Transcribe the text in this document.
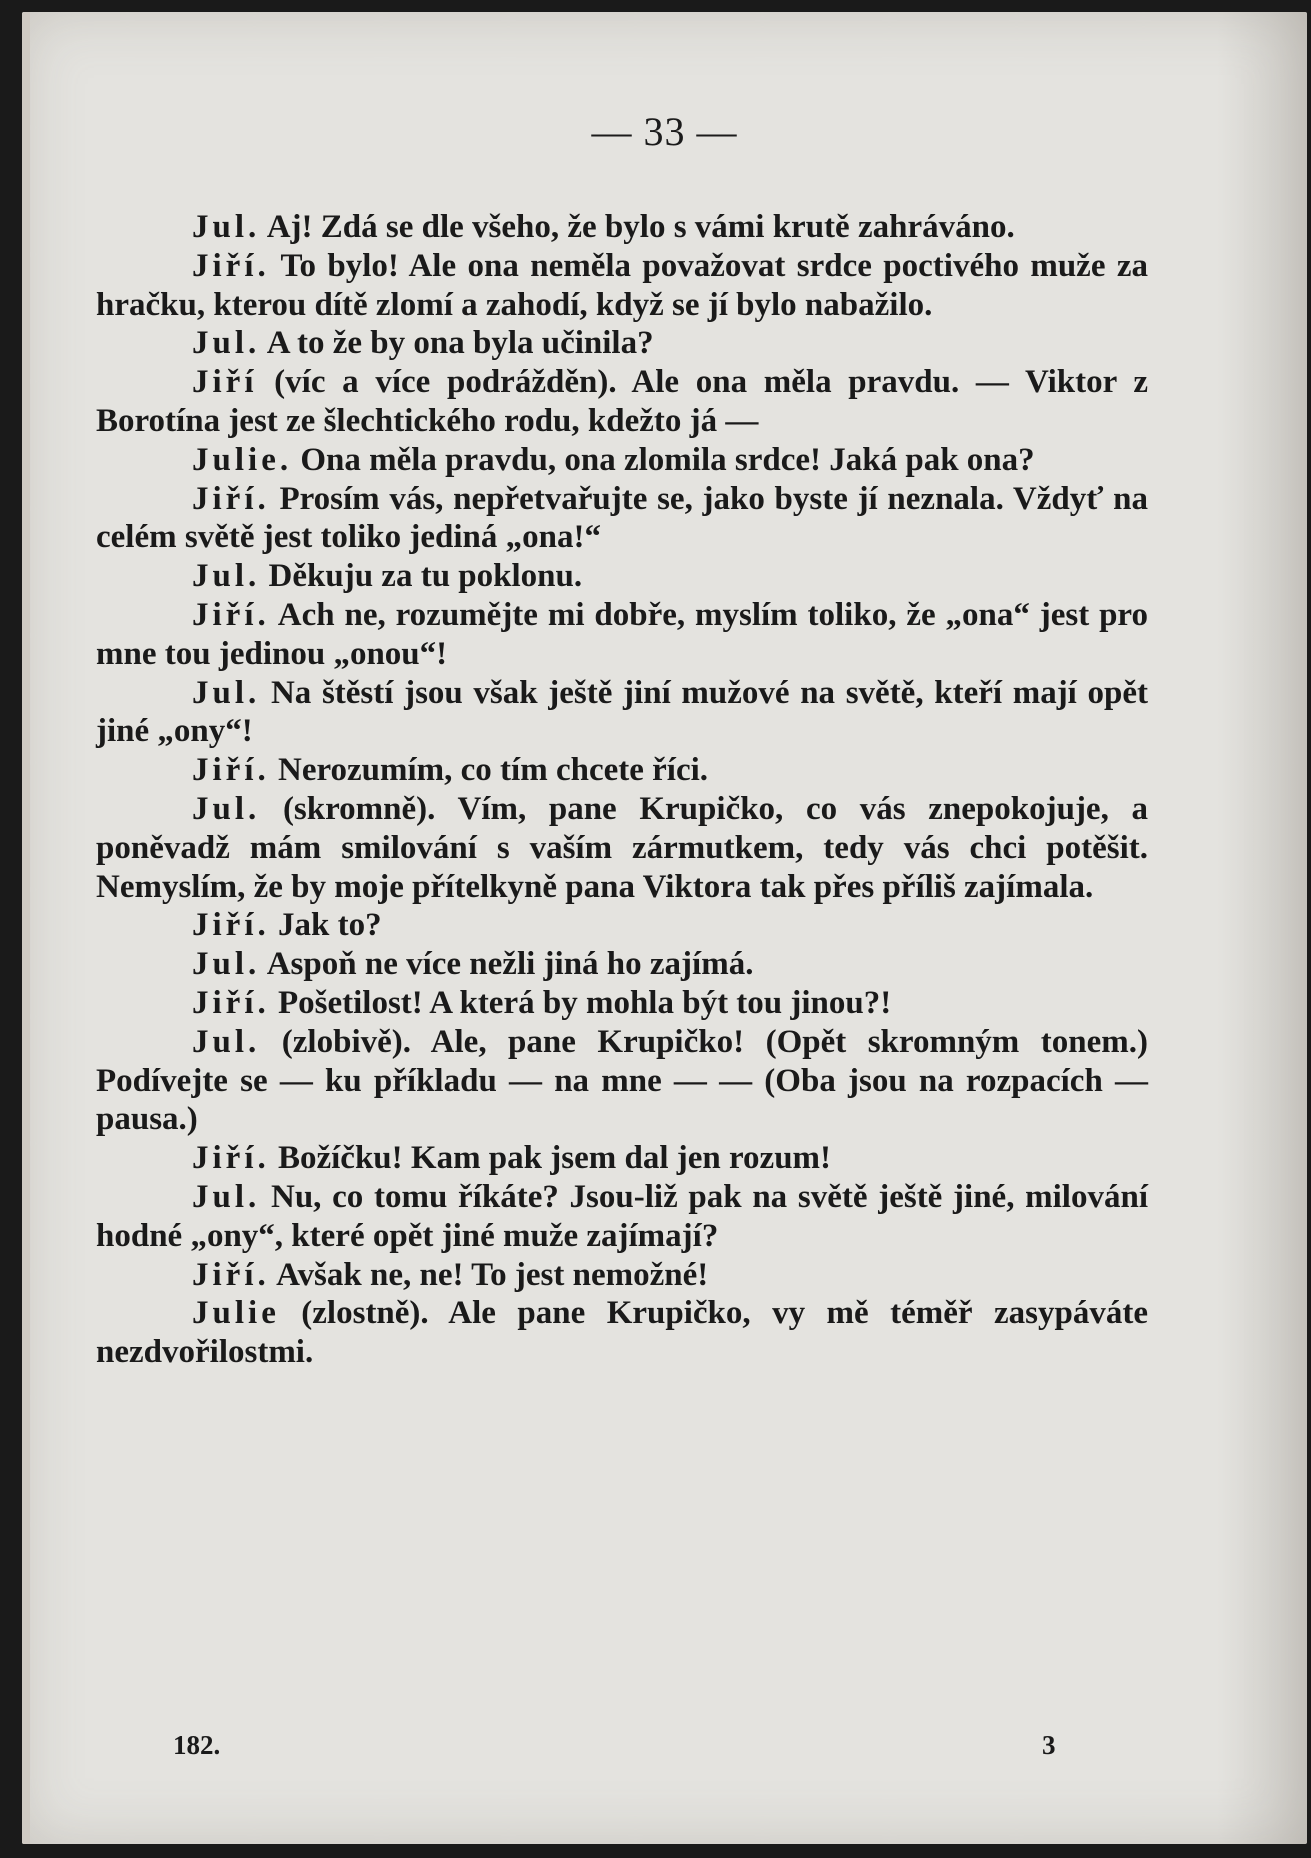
— 33 —

Jul. Aj! Zdá se dle všeho, že bylo s vámi krutě zahráváno.

Jiří. To bylo! Ale ona neměla považovat srdce poctivého muže za hračku, kterou dítě zlomí a zahodí, když se jí bylo nabažilo.

Jul. A to že by ona byla učinila?

Jiří (víc a více podrážděn). Ale ona měla pravdu. — Viktor z Borotína jest ze šlechtického rodu, kdežto já —

Julie. Ona měla pravdu, ona zlomila srdce! Jaká pak ona?

Jiří. Prosím vás, nepřetvařujte se, jako byste jí neznala. Vždyť na celém světě jest toliko jediná „ona!“

Jul. Děkuju za tu poklonu.

Jiří. Ach ne, rozumějte mi dobře, myslím toliko, že „ona“ jest pro mne tou jedinou „onou“!

Jul. Na štěstí jsou však ještě jiní mužové na světě, kteří mají opět jiné „ony“!

Jiří. Nerozumím, co tím chcete říci.

Jul. (skromně). Vím, pane Krupičko, co vás znepokojuje, a poněvadž mám smilování s vaším zármutkem, tedy vás chci potěšit. Nemyslím, že by moje přítelkyně pana Viktora tak přes příliš zajímala.

Jiří. Jak to?

Jul. Aspoň ne více nežli jiná ho zajímá.

Jiří. Pošetilost! A která by mohla být tou jinou?!

Jul. (zlobivě). Ale, pane Krupičko! (Opět skromným tonem.) Podívejte se — ku příkladu — na mne — — (Oba jsou na rozpacích — pausa.)

Jiří. Božíčku! Kam pak jsem dal jen rozum!

Jul. Nu, co tomu říkáte? Jsou-liž pak na světě ještě jiné, milování hodné „ony“, které opět jiné muže zajímají?

Jiří. Avšak ne, ne! To jest nemožné!

Julie (zlostně). Ale pane Krupičko, vy mě téměř zasypáváte nezdvořilostmi.

182.	3
